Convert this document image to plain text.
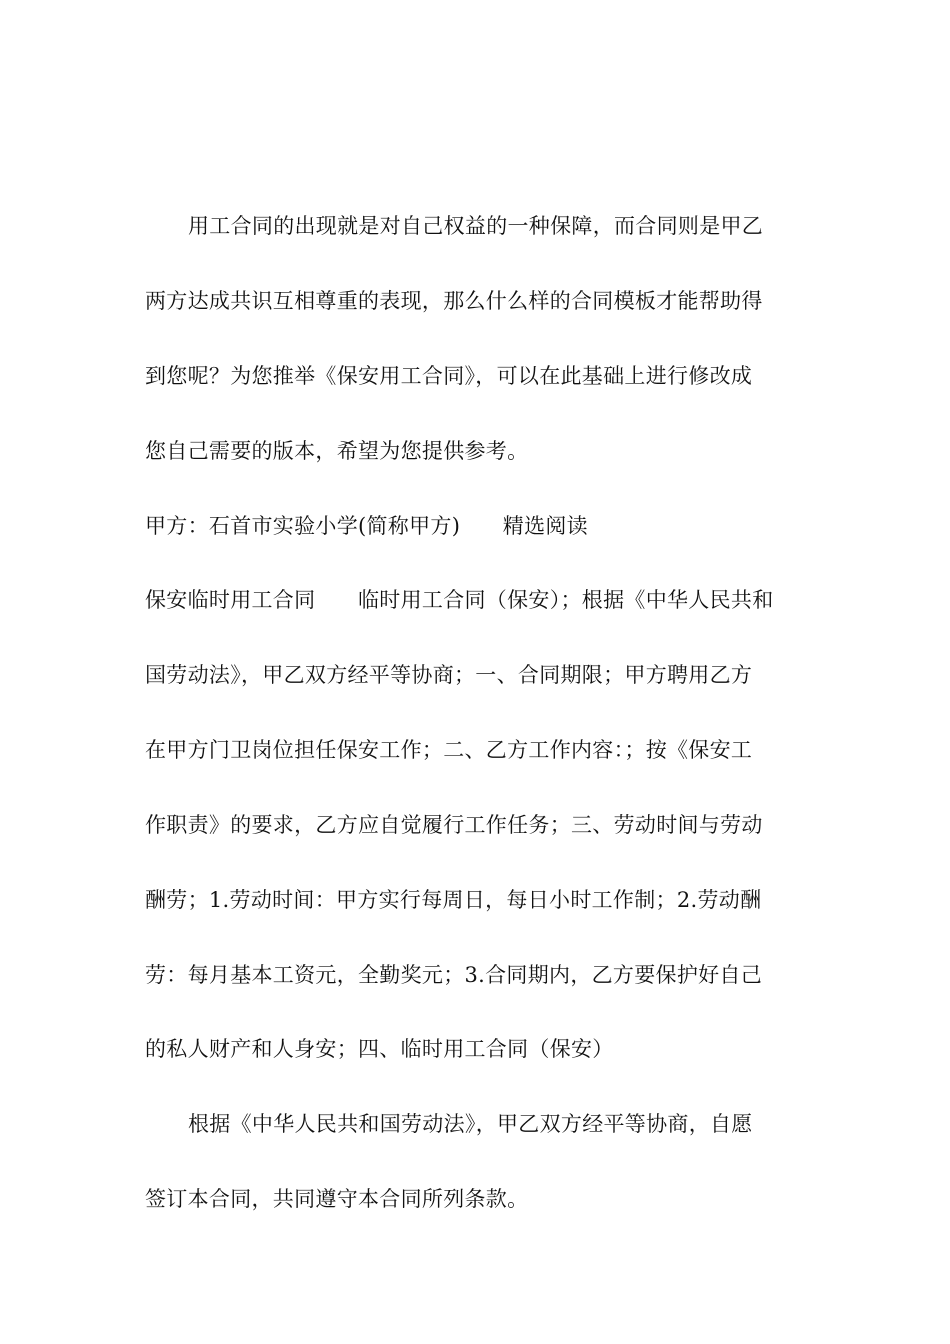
用工合同的出现就是对自己权益的一种保障，而合同则是甲乙
两方达成共识互相尊重的表现，那么什么样的合同模板才能帮助得
到您呢？为您推举《保安用工合同》，可以在此基础上进行修改成
您自己需要的版本，希望为您提供参考。
甲方：石首市实验小学(简称甲方)　　精选阅读
保安临时用工合同　　临时用工合同（保安）；根据《中华人民共和
国劳动法》，甲乙双方经平等协商；一、合同期限；甲方聘用乙方
在甲方门卫岗位担任保安工作；二、乙方工作内容：；按《保安工
作职责》的要求，乙方应自觉履行工作任务；三、劳动时间与劳动
酬劳；1.劳动时间：甲方实行每周日，每日小时工作制；2.劳动酬
劳：每月基本工资元，全勤奖元；3.合同期内，乙方要保护好自己
的私人财产和人身安；四、临时用工合同（保安）
根据《中华人民共和国劳动法》，甲乙双方经平等协商，自愿
签订本合同，共同遵守本合同所列条款。
